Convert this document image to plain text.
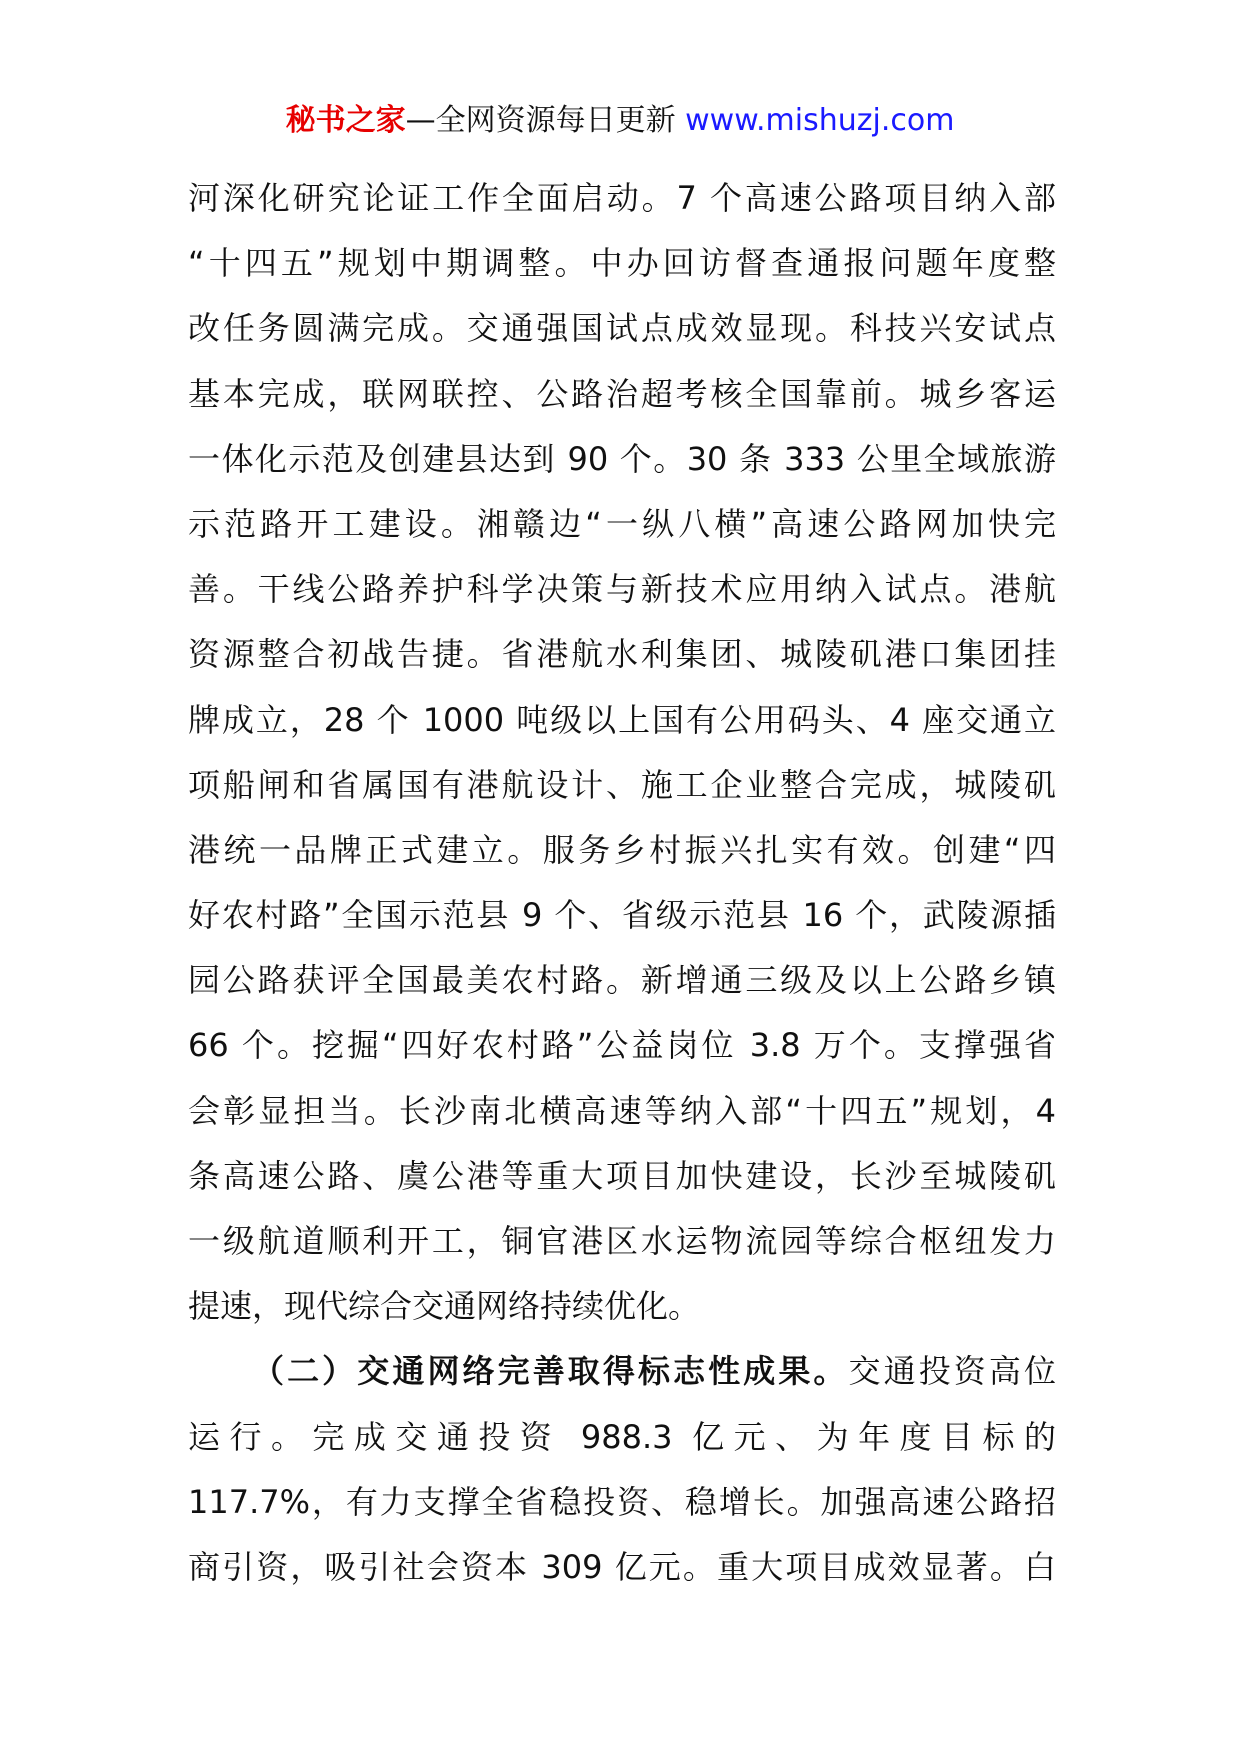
秘书之家—全网资源每日更新 www.mishuzj.com
河深化研究论证工作全面启动。7 个高速公路项目纳入部
“十四五”规划中期调整。中办回访督查通报问题年度整
改任务圆满完成。交通强国试点成效显现。科技兴安试点
基本完成，联网联控、公路治超考核全国靠前。城乡客运
一体化示范及创建县达到 90 个。30 条 333 公里全域旅游
示范路开工建设。湘赣边“一纵八横”高速公路网加快完
善。干线公路养护科学决策与新技术应用纳入试点。港航
资源整合初战告捷。省港航水利集团、城陵矶港口集团挂
牌成立，28 个 1000 吨级以上国有公用码头、4 座交通立
项船闸和省属国有港航设计、施工企业整合完成，城陵矶
港统一品牌正式建立。服务乡村振兴扎实有效。创建“四
好农村路”全国示范县 9 个、省级示范县 16 个，武陵源插
园公路获评全国最美农村路。新增通三级及以上公路乡镇
66 个。挖掘“四好农村路”公益岗位 3.8 万个。支撑强省
会彰显担当。长沙南北横高速等纳入部“十四五”规划，4
条高速公路、虞公港等重大项目加快建设，长沙至城陵矶
一级航道顺利开工，铜官港区水运物流园等综合枢纽发力
提速，现代综合交通网络持续优化。
（二）交通网络完善取得标志性成果。交通投资高位
运行。完成交通投资 988.3 亿元、为年度目标的
117.7%，有力支撑全省稳投资、稳增长。加强高速公路招
商引资，吸引社会资本 309 亿元。重大项目成效显著。白
